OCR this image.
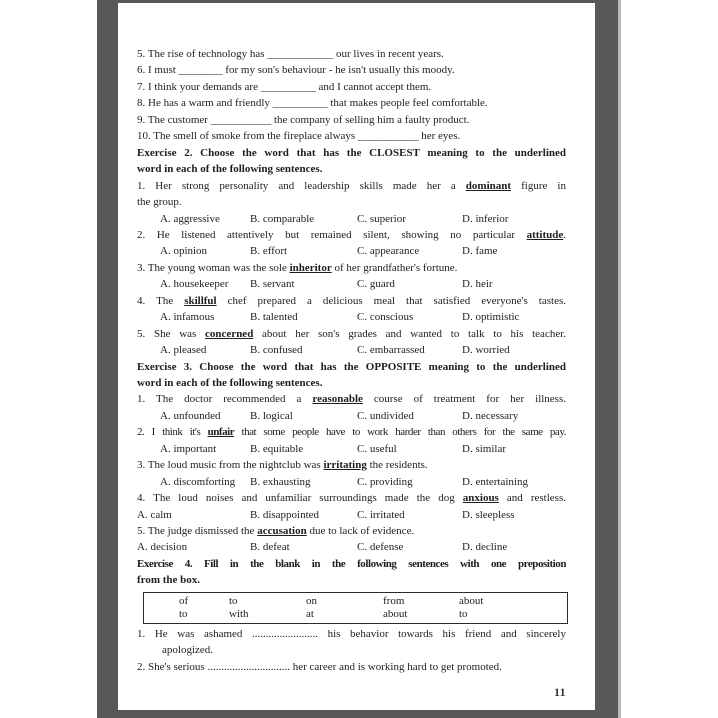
5. The rise of technology has ____________ our lives in recent years.
6. I must ________ for my son's behaviour - he isn't usually this moody.
7. I think your demands are __________ and I cannot accept them.
8. He has a warm and friendly __________ that makes people feel comfortable.
9. The customer ___________ the company of selling him a faulty product.
10. The smell of smoke from the fireplace always ___________ her eyes.
Exercise 2. Choose the word that has the CLOSEST meaning to the underlined
word in each of the following sentences.
1. Her strong personality and leadership skills made her a dominant figure in
the group.
A. aggressive	B. comparable	C. superior	D. inferior
2. He listened attentively but remained silent, showing no particular attitude.
A. opinion	B. effort	C. appearance	D. fame
3. The young woman was the sole inheritor of her grandfather's fortune.
A. housekeeper	B. servant	C. guard	D. heir
4. The skillful chef prepared a delicious meal that satisfied everyone's tastes.
A. infamous	B. talented	C. conscious	D. optimistic
5. She was concerned about her son's grades and wanted to talk to his teacher.
A. pleased	B. confused	C. embarrassed	D. worried
Exercise 3. Choose the word that has the OPPOSITE meaning to the underlined
word in each of the following sentences.
1. The doctor recommended a reasonable course of treatment for her illness.
A. unfounded	B. logical	C. undivided	D. necessary
2. I think it's unfair that some people have to work harder than others for the same pay.
A. important	B. equitable	C. useful	D. similar
3. The loud music from the nightclub was irritating the residents.
A. discomforting	B. exhausting	C. providing	D. entertaining
4. The loud noises and unfamiliar surroundings made the dog anxious and restless.
A. calm	B. disappointed	C. irritated	D. sleepless
5. The judge dismissed the accusation due to lack of evidence.
A. decision	B. defeat	C. defense	D. decline
Exercise 4. Fill in the blank in the following sentences with one preposition
from the box.
of	to	on	from	about
to	with	at	about	to
1. He was ashamed ........................ his behavior towards his friend and sincerely
apologized.
2. She's serious .............................. her career and is working hard to get promoted.
11
